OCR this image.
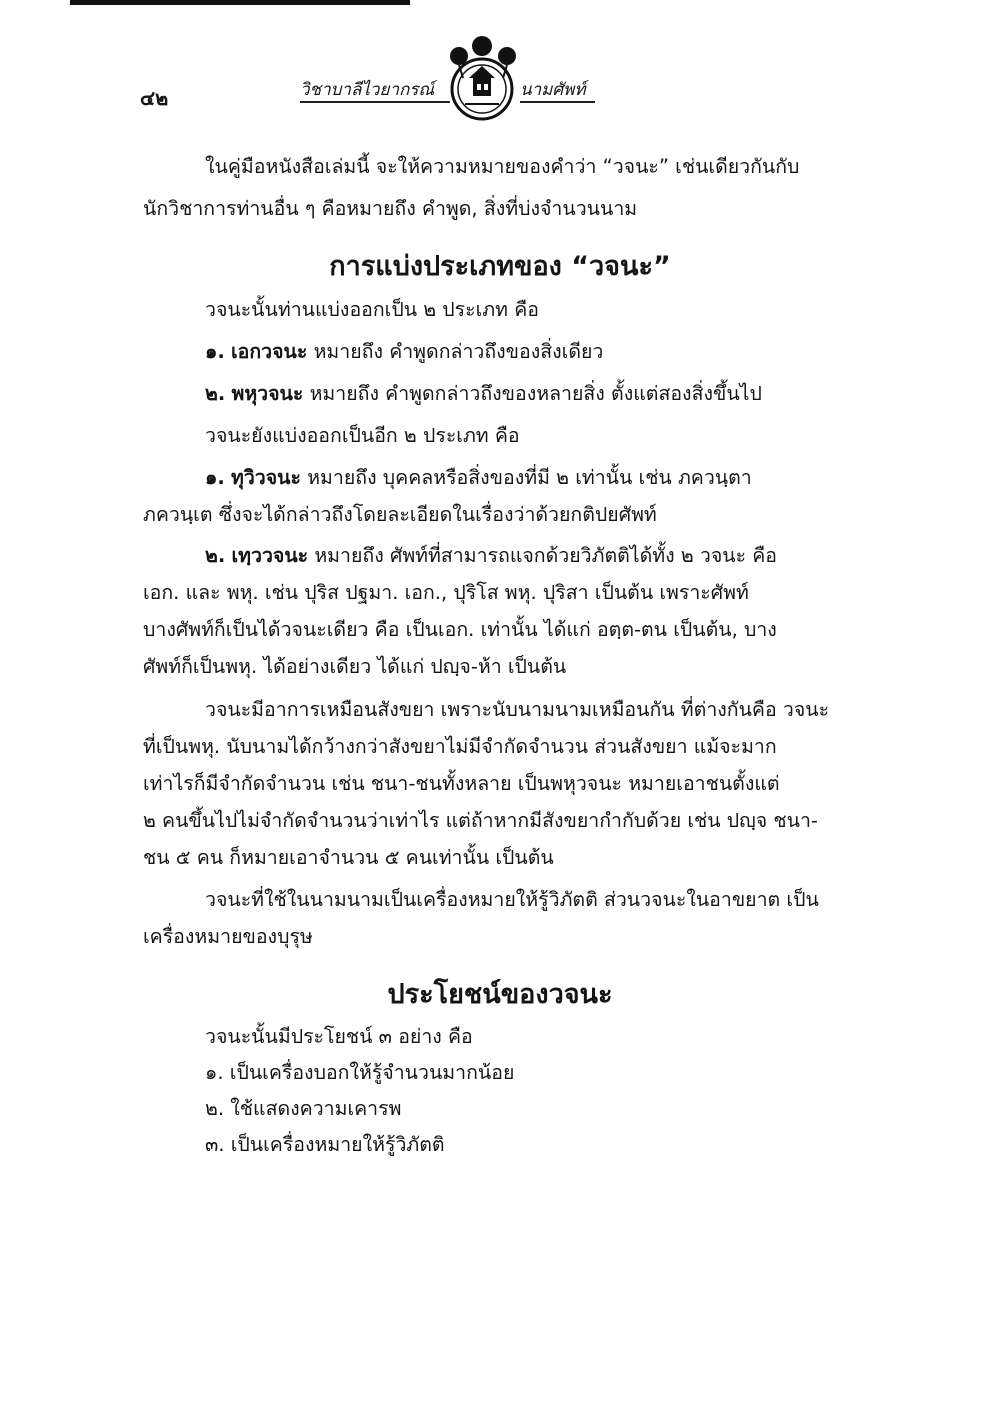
๔๒	วิชาบาลีไวยากรณ์	นามศัพท์
ในคู่มือหนังสือเล่มนี้ จะให้ความหมายของคำว่า “วจนะ” เช่นเดียวกันกับ
นักวิชาการท่านอื่น ๆ คือหมายถึง คำพูด, สิ่งที่บ่งจำนวนนาม
การแบ่งประเภทของ “วจนะ”
วจนะนั้นท่านแบ่งออกเป็น ๒ ประเภท คือ
๑. เอกวจนะ หมายถึง คำพูดกล่าวถึงของสิ่งเดียว
๒. พหุวจนะ หมายถึง คำพูดกล่าวถึงของหลายสิ่ง ตั้งแต่สองสิ่งขึ้นไป
วจนะยังแบ่งออกเป็นอีก ๒ ประเภท คือ
๑. ทุวิวจนะ หมายถึง บุคคลหรือสิ่งของที่มี ๒ เท่านั้น เช่น ภควนฺตา
ภควนฺเต ซึ่งจะได้กล่าวถึงโดยละเอียดในเรื่องว่าด้วยกติปยศัพท์
๒. เทฺววจนะ หมายถึง ศัพท์ที่สามารถแจกด้วยวิภัตติได้ทั้ง ๒ วจนะ คือ
เอก. และ พหุ. เช่น ปุริส ปฐมา. เอก., ปุริโส พหุ. ปุริสา เป็นต้น เพราะศัพท์
บางศัพท์ก็เป็นได้วจนะเดียว คือ เป็นเอก. เท่านั้น ได้แก่ อตฺต-ตน เป็นต้น, บาง
ศัพท์ก็เป็นพหุ. ได้อย่างเดียว ได้แก่ ปญฺจ-ห้า เป็นต้น
วจนะมีอาการเหมือนสังขยา เพราะนับนามนามเหมือนกัน ที่ต่างกันคือ วจนะ
ที่เป็นพหุ. นับนามได้กว้างกว่าสังขยาไม่มีจำกัดจำนวน ส่วนสังขยา แม้จะมาก
เท่าไรก็มีจำกัดจำนวน เช่น ชนา-ชนทั้งหลาย เป็นพหุวจนะ หมายเอาชนตั้งแต่
๒ คนขึ้นไปไม่จำกัดจำนวนว่าเท่าไร แต่ถ้าหากมีสังขยากำกับด้วย เช่น ปญฺจ ชนา-
ชน ๕ คน ก็หมายเอาจำนวน ๕ คนเท่านั้น เป็นต้น
วจนะที่ใช้ในนามนามเป็นเครื่องหมายให้รู้วิภัตติ ส่วนวจนะในอาขยาต เป็น
เครื่องหมายของบุรุษ
ประโยชน์ของวจนะ
วจนะนั้นมีประโยชน์ ๓ อย่าง คือ
๑. เป็นเครื่องบอกให้รู้จำนวนมากน้อย
๒. ใช้แสดงความเคารพ
๓. เป็นเครื่องหมายให้รู้วิภัตติ
